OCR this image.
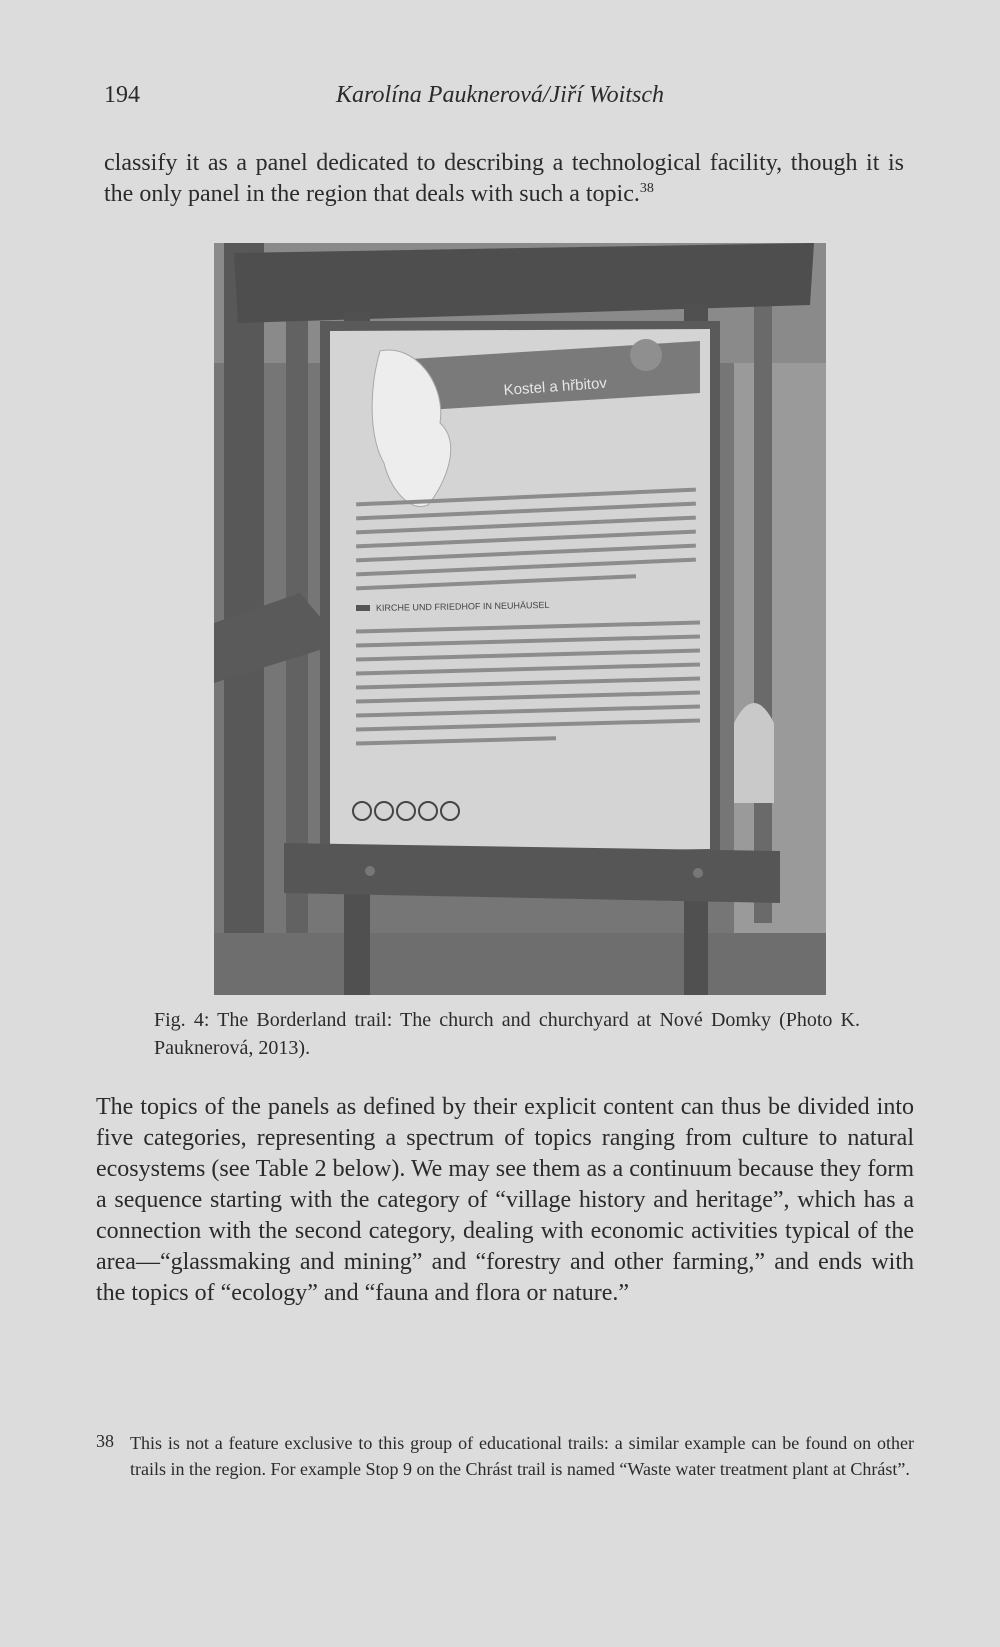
194	Karolína Pauknerová/Jiří Woitsch

classify it as a panel dedicated to describing a technological facility, though it is the only panel in the region that deals with such a topic.$^{38}$

Kostel a hřbitov
KIRCHE UND FRIEDHOF IN NEUHÄUSEL

Fig. 4: The Borderland trail: The church and churchyard at Nové Domky (Photo K. Pauknerová, 2013).

The topics of the panels as defined by their explicit content can thus be divided into five categories, representing a spectrum of topics ranging from culture to natural ecosystems (see Table 2 below). We may see them as a continuum because they form a sequence starting with the category of “village history and heritage”, which has a connection with the second category, dealing with economic activities typical of the area—“glassmaking and mining” and “forestry and other farming,” and ends with the topics of “ecology” and “fauna and flora or nature.”

38 This is not a feature exclusive to this group of educational trails: a similar example can be found on other trails in the region. For example Stop 9 on the Chrást trail is named “Waste water treatment plant at Chrást”.
